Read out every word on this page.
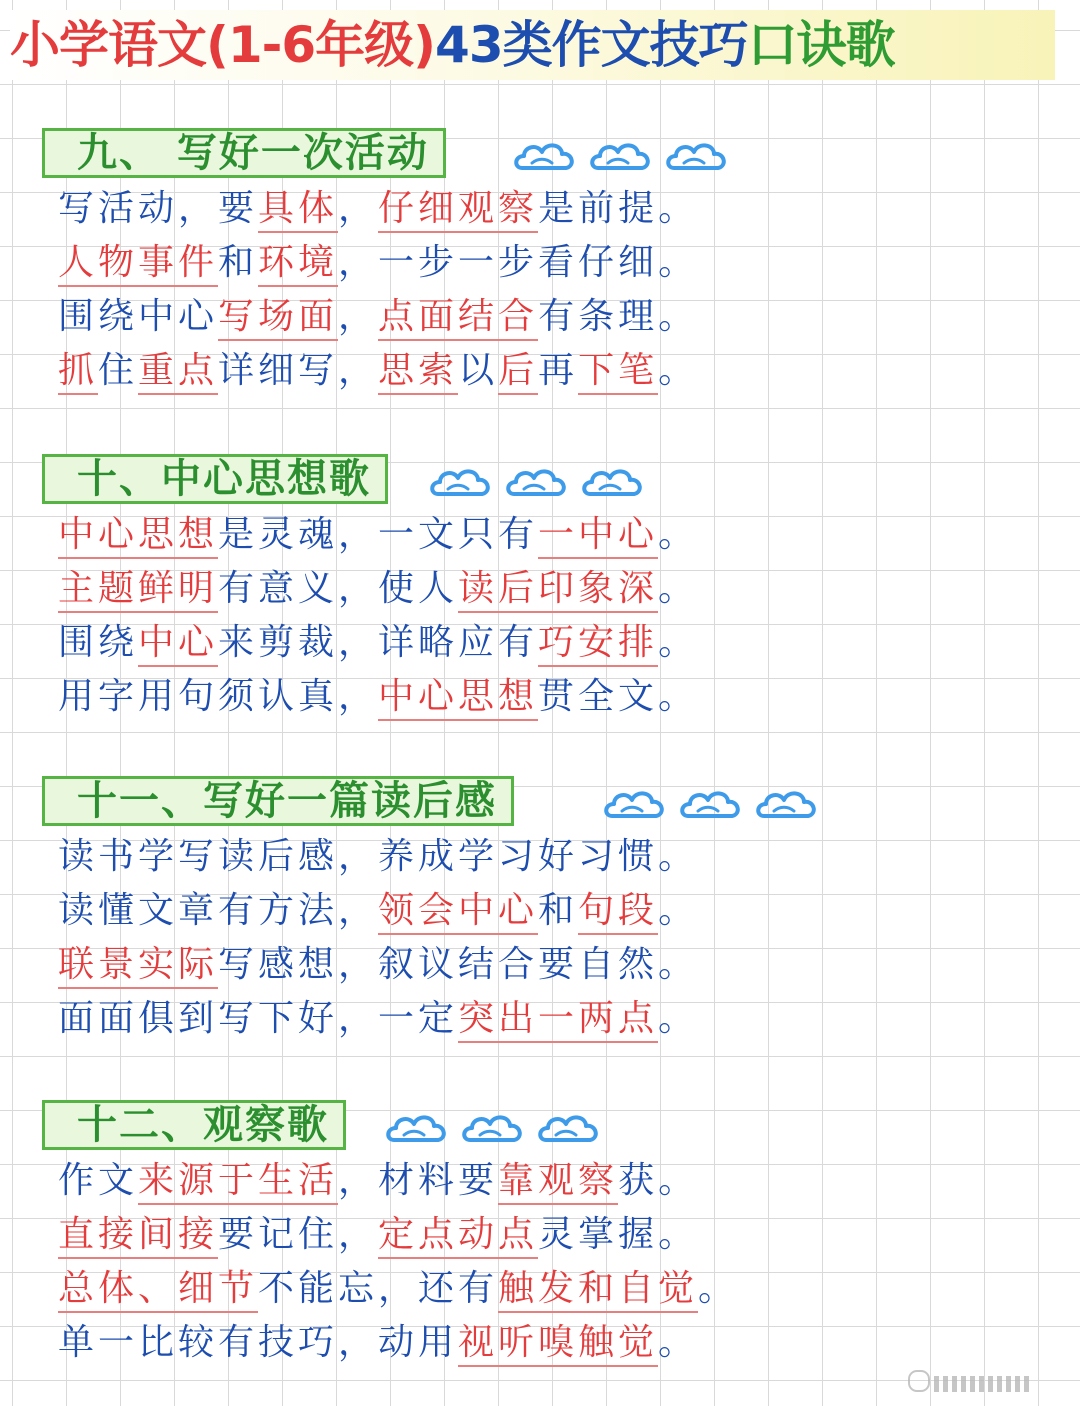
小学语文(1-6年级)43类作文技巧口诀歌
九、 写好一次活动
写活动，要具体，仔细观察是前提。
人物事件和环境，一步一步看仔细。
围绕中心写场面，点面结合有条理。
抓住重点详细写，思索以后再下笔。
十、中心思想歌
中心思想是灵魂，一文只有一中心。
主题鲜明有意义，使人读后印象深。
围绕中心来剪裁，详略应有巧安排。
用字用句须认真，中心思想贯全文。
十一、写好一篇读后感
读书学写读后感，养成学习好习惯。
读懂文章有方法，领会中心和句段。
联景实际写感想，叙议结合要自然。
面面俱到写下好，一定突出一两点。
十二、观察歌
作文来源于生活，材料要靠观察获。
直接间接要记住，定点动点灵掌握。
总体、细节不能忘，还有触发和自觉。
单一比较有技巧，动用视听嗅触觉。
